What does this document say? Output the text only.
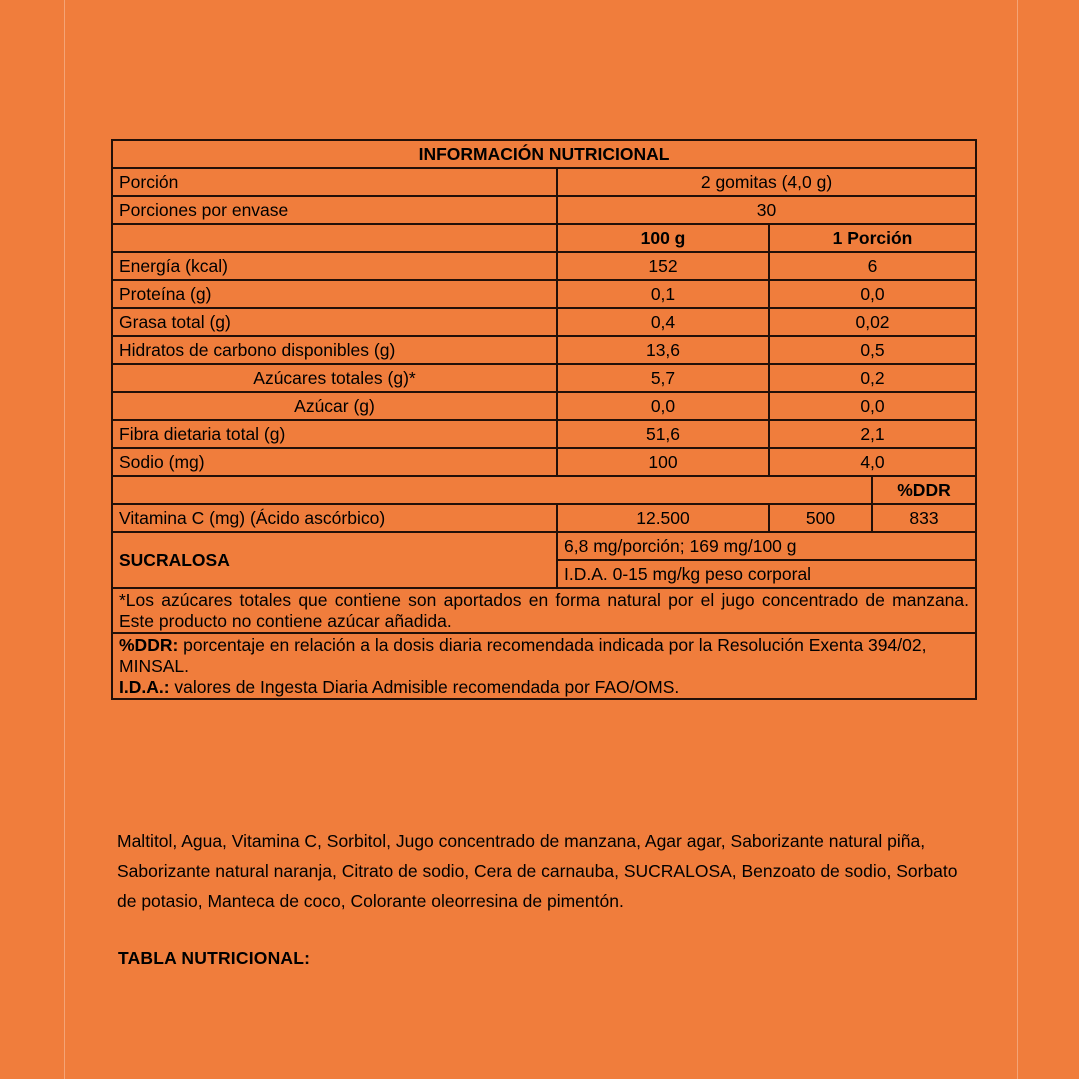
INFORMACIÓN NUTRICIONAL			
Porción	2 gomitas (4,0 g)		
Porciones por envase	30		
	100 g	1 Porción	
Energía (kcal)	152	6	
Proteína (g)	0,1	0,0	
Grasa total (g)	0,4	0,02	
Hidratos de carbono disponibles (g)	13,6	0,5	
Azúcares totales (g)*	5,7	0,2	
Azúcar (g)	0,0	0,0	
Fibra dietaria total (g)	51,6	2,1	
Sodio (mg)	100	4,0	
			%DDR
Vitamina C (mg) (Ácido ascórbico)	12.500	500	833
SUCRALOSA	6,8 mg/porción; 169 mg/100 g		
	I.D.A. 0-15 mg/kg peso corporal		
*Los azúcares totales que contiene son aportados en forma natural por el jugo concentrado de manzana. Este producto no contiene azúcar añadida.			

%DDR: porcentaje en relación a la dosis diaria recomendada indicada por la Resolución Exenta 394/02, MINSAL.
I.D.A.: valores de Ingesta Diaria Admisible recomendada por FAO/OMS.			
Maltitol, Agua, Vitamina C, Sorbitol, Jugo concentrado de manzana, Agar agar, Saborizante natural piña, Saborizante natural naranja, Citrato de sodio, Cera de carnauba, SUCRALOSA, Benzoato de sodio, Sorbato de potasio, Manteca de coco, Colorante oleorresina de pimentón.
TABLA NUTRICIONAL:
